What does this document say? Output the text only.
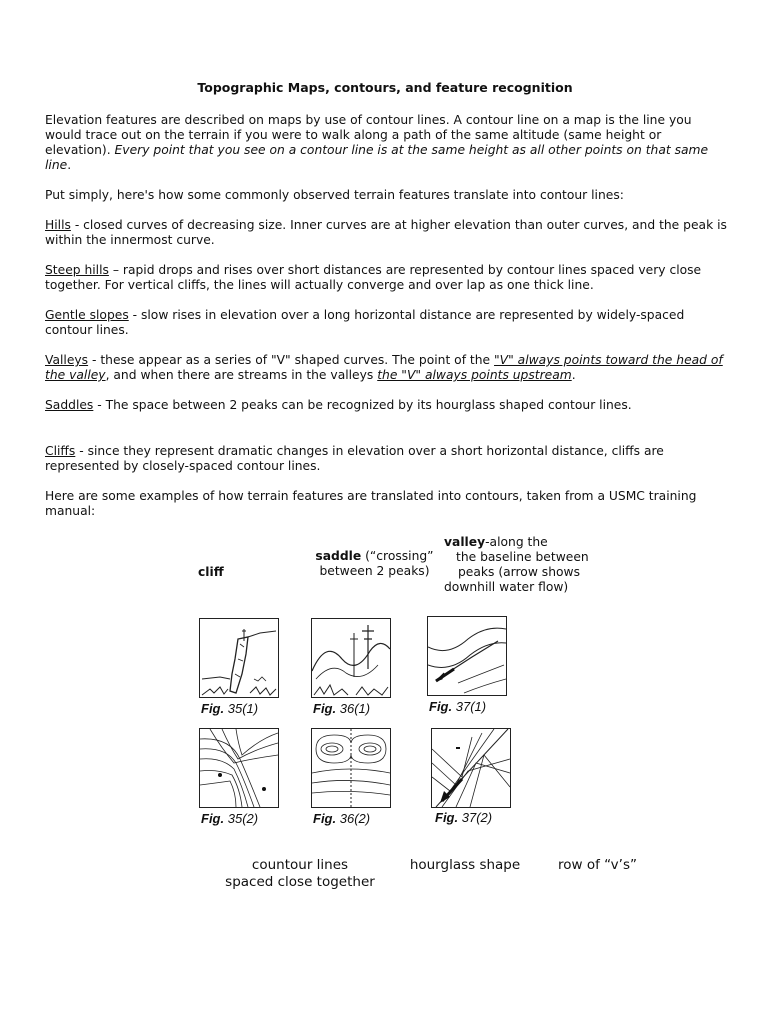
Topographic Maps, contours, and feature recognition
Elevation features are described on maps by use of contour lines. A contour line on a map is the line you would trace out on the terrain if you were to walk along a path of the same altitude (same height or elevation). Every point that you see on a contour line is at the same height as all other points on that same line.
Put simply, here's how some commonly observed terrain features translate into contour lines:
Hills - closed curves of decreasing size. Inner curves are at higher elevation than outer curves, and the peak is within the innermost curve.
Steep hills – rapid drops and rises over short distances are represented by contour lines spaced very close together. For vertical cliffs, the lines will actually converge and over lap as one thick line.
Gentle slopes - slow rises in elevation over a long horizontal distance are represented by widely-spaced contour lines.
Valleys - these appear as a series of "V" shaped curves. The point of the "V" always points toward the head of the valley, and when there are streams in the valleys the "V" always points upstream.
Saddles - The space between 2 peaks can be recognized by its hourglass shaped contour lines.
Cliffs - since they represent dramatic changes in elevation over a short horizontal distance, cliffs are represented by closely-spaced contour lines.
Here are some examples of how terrain features are translated into contours, taken from a USMC training manual:
cliff
saddle (“crossing”
between 2 peaks)
valley-along the
the baseline between
peaks (arrow shows
downhill water flow)
Fig. 35(1)	Fig. 36(1)	Fig. 37(1)
Fig. 35(2)	Fig. 36(2)	Fig. 37(2)
countour lines
spaced close together
hourglass shape	row of “v’s”
